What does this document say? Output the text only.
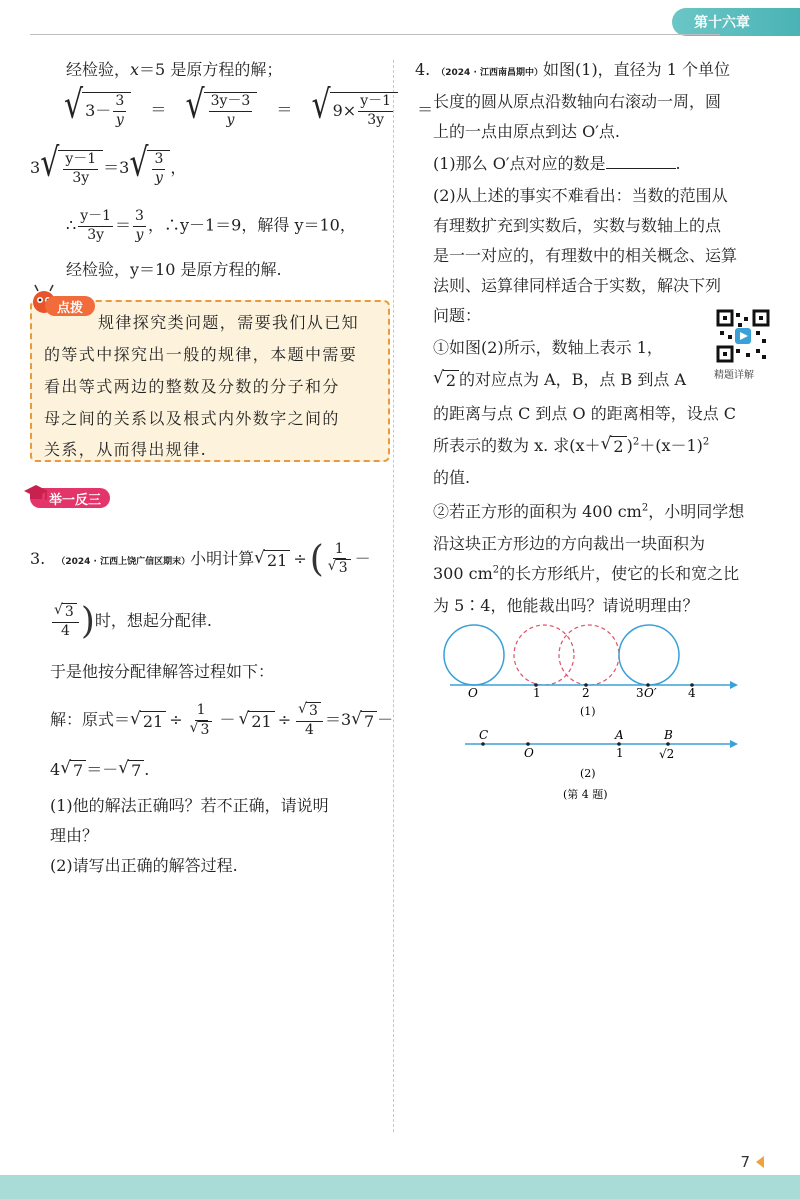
第十六章
经检验，x＝5 是原方程的解；
√ $3- \frac{3}{y}$ ＝ √ $\frac{3y-3}{y}$ ＝ √ $9\times \frac{y-1}{3y}$ ＝
3 √ $\frac{y-1}{3y} =3$ √ $\frac{3}{y}$ ，
∴ $\frac{y-1}{3y} = \frac{3}{y}$ ，∴y－1＝9，解得 y＝10，
经检验，y＝10 是原方程的解.
点拨
规律探究类问题，需要我们从已知
的等式中探究出一般的规律，本题中需要
看出等式两边的整数及分数的分子和分
母之间的关系以及根式内外数字之间的
关系，从而得出规律.
举一反三
3. （2024 · 江西上饶广信区期末）小明计算 √ 21 ÷( $\frac{1}{√ 3}$ －
$\frac{√ 3}{4}$ )时，想起分配律.
于是他按分配律解答过程如下：
解：原式＝ √ $21 \div \frac{1}{√ 3}$ － √ $21 \div \frac{√ 3}{4} =3$ √ 7 －
4 √ 7 ＝－ √ 7 .
(1)他的解法正确吗？若不正确，请说明
理由？
(2)请写出正确的解答过程.
4. （2024 · 江西南昌期中）如图(1)，直径为 1 个单位
长度的圆从原点沿数轴向右滚动一周，圆
上的一点由原点到达 O′点.
(1)那么 O′点对应的数是	.
(2)从上述的事实不难看出：当数的范围从
有理数扩充到实数后，实数与数轴上的点
是一一对应的，有理数中的相关概念、运算
法则、运算律同样适合于实数，解决下列
问题：
精题详解
①如图(2)所示，数轴上表示 1，
√ 2 的对应点为 A，B，点 B 到点 A
的距离与点 C 到点 O 的距离相等，设点 C
所表示的数为 x. 求(x＋ √ 2 )$^2+(x-1)^2$
的值.
②若正方形的面积为 400 $cm^2$，小明同学想
沿这块正方形边的方向裁出一块面积为
300 $cm^2$的长方形纸片，使它的长和宽之比
为 5∶4，他能裁出吗？请说明理由？
O	1	2	3 O′	4
(1)
C
O
A
1
B
√2
(2)
(第 4 题)
7
